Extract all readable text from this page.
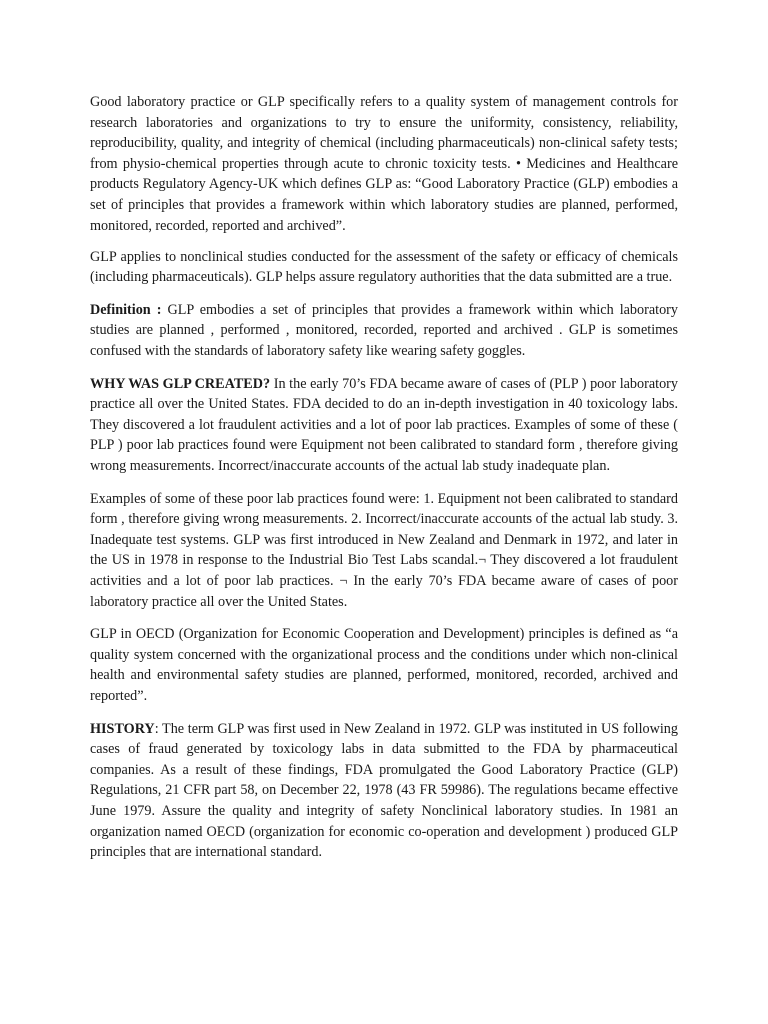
Good laboratory practice or GLP specifically refers to a quality system of management controls for research laboratories and organizations to try to ensure the uniformity, consistency, reliability, reproducibility, quality, and integrity of chemical (including pharmaceuticals) non-clinical safety tests; from physio-chemical properties through acute to chronic toxicity tests. • Medicines and Healthcare products Regulatory Agency-UK which defines GLP as: “Good Laboratory Practice (GLP) embodies a set of principles that provides a framework within which laboratory studies are planned, performed, monitored, recorded, reported and archived”.

GLP applies to nonclinical studies conducted for the assessment of the safety or efficacy of chemicals (including pharmaceuticals). GLP helps assure regulatory authorities that the data submitted are a true.

Definition : GLP embodies a set of principles that provides a framework within which laboratory studies are planned , performed , monitored, recorded, reported and archived . GLP is sometimes confused with the standards of laboratory safety like wearing safety goggles.

WHY WAS GLP CREATED? In the early 70’s FDA became aware of cases of (PLP ) poor laboratory practice all over the United States. FDA decided to do an in-depth investigation in 40 toxicology labs. They discovered a lot fraudulent activities and a lot of poor lab practices. Examples of some of these ( PLP ) poor lab practices found were Equipment not been calibrated to standard form , therefore giving wrong measurements. Incorrect/inaccurate accounts of the actual lab study inadequate plan.

Examples of some of these poor lab practices found were: 1. Equipment not been calibrated to standard form , therefore giving wrong measurements. 2. Incorrect/inaccurate accounts of the actual lab study. 3. Inadequate test systems. GLP was first introduced in New Zealand and Denmark in 1972, and later in the US in 1978 in response to the Industrial Bio Test Labs scandal.¬ They discovered a lot fraudulent activities and a lot of poor lab practices. ¬ In the early 70’s FDA became aware of cases of poor laboratory practice all over the United States.

GLP in OECD (Organization for Economic Cooperation and Development) principles is defined as “a quality system concerned with the organizational process and the conditions under which non-clinical health and environmental safety studies are planned, performed, monitored, recorded, archived and reported”.

HISTORY: The term GLP was first used in New Zealand in 1972. GLP was instituted in US following cases of fraud generated by toxicology labs in data submitted to the FDA by pharmaceutical companies. As a result of these findings, FDA promulgated the Good Laboratory Practice (GLP) Regulations, 21 CFR part 58, on December 22, 1978 (43 FR 59986). The regulations became effective June 1979. Assure the quality and integrity of safety Nonclinical laboratory studies. In 1981 an organization named OECD (organization for economic co-operation and development ) produced GLP principles that are international standard.
